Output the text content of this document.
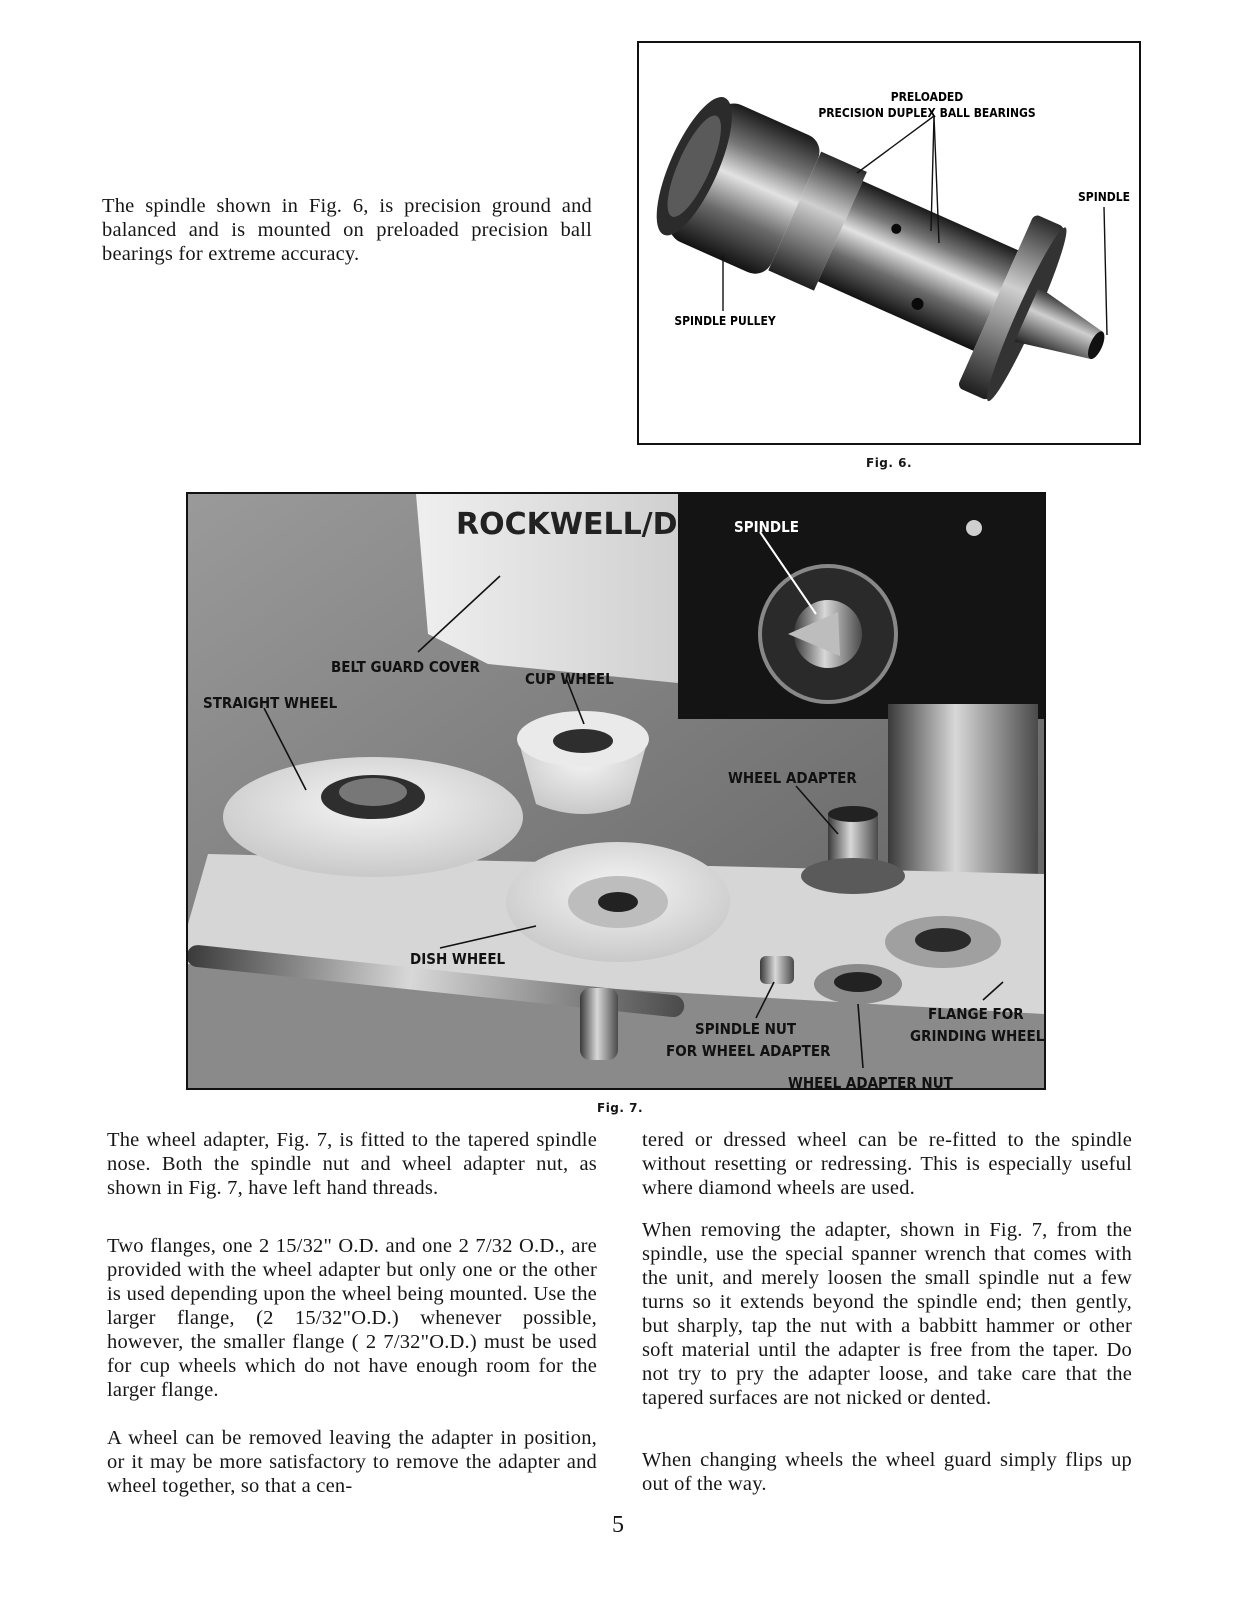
The spindle shown in Fig. 6, is precision ground and balanced and is mounted on preloaded precision ball bearings for extreme accuracy.

PRELOADED
PRECISION DUPLEX BALL BEARINGS
SPINDLE
SPINDLE PULLEY
Fig. 6.
ROCKWELL/D	SPINDLE
BELT GUARD COVER
CUP WHEEL
STRAIGHT WHEEL
WHEEL ADAPTER
DISH WHEEL
SPINDLE NUT
FOR WHEEL ADAPTER
FLANGE FOR
GRINDING WHEEL
WHEEL ADAPTER NUT
Fig. 7.

The wheel adapter, Fig. 7, is fitted to the tapered spindle nose. Both the spindle nut and wheel adapter nut, as shown in Fig. 7, have left hand threads.

Two flanges, one 2 15/32" O.D. and one 2 7/32 O.D., are provided with the wheel adapter but only one or the other is used depending upon the wheel being mounted. Use the larger flange, (2 15/32"O.D.) whenever possible, however, the smaller flange ( 2 7/32"O.D.) must be used for cup wheels which do not have enough room for the larger flange.

A wheel can be removed leaving the adapter in position, or it may be more satisfactory to remove the adapter and wheel together, so that a cen-

tered or dressed wheel can be re-fitted to the spindle without resetting or redressing. This is especially useful where diamond wheels are used.

When removing the adapter, shown in Fig. 7, from the spindle, use the special spanner wrench that comes with the unit, and merely loosen the small spindle nut a few turns so it extends beyond the spindle end; then gently, but sharply, tap the nut with a babbitt hammer or other soft material until the adapter is free from the taper. Do not try to pry the adapter loose, and take care that the tapered surfaces are not nicked or dented.

When changing wheels the wheel guard simply flips up out of the way.

5
